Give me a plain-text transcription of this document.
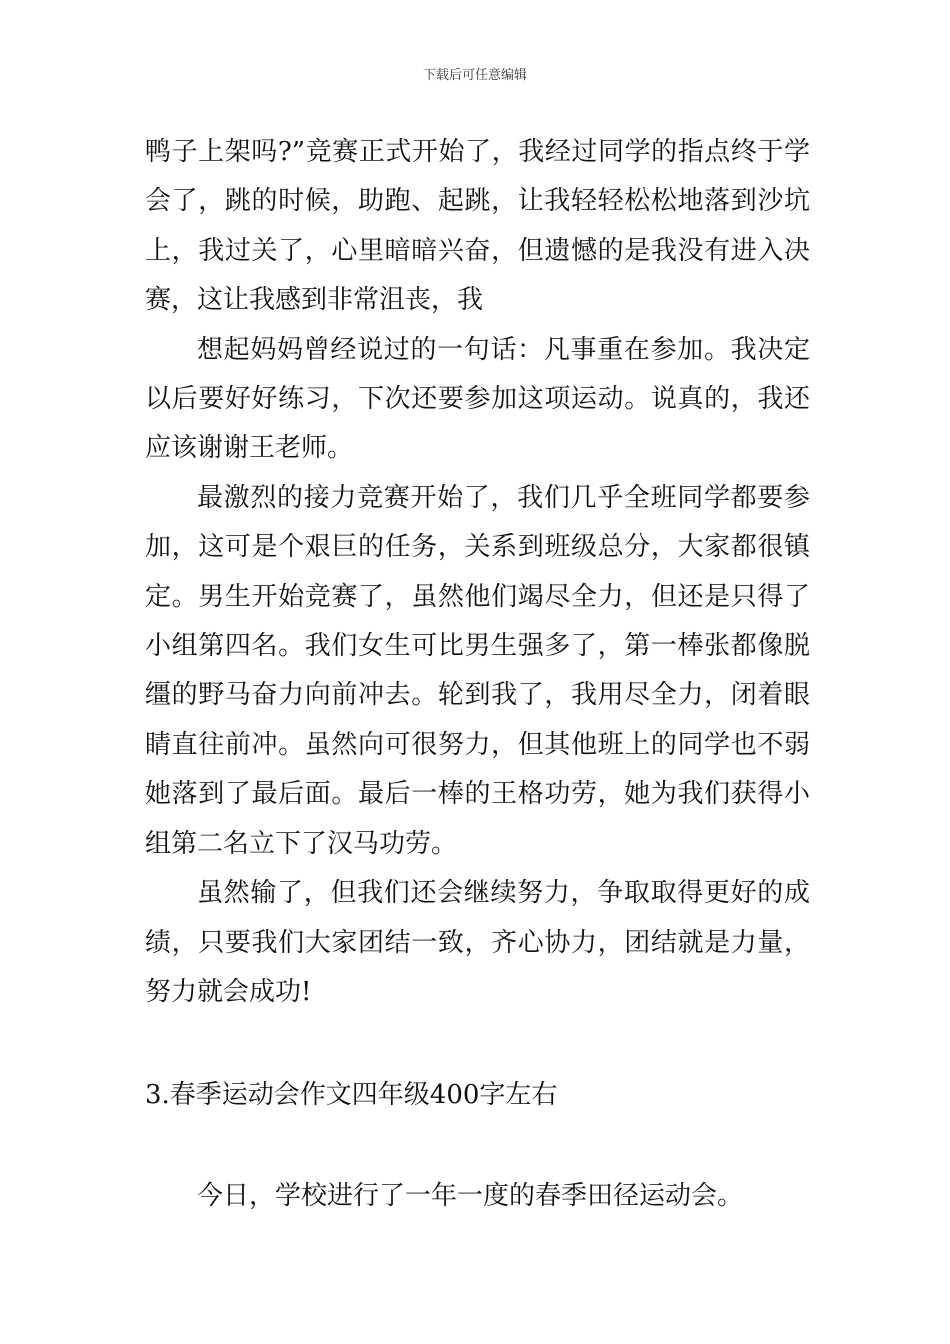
下载后可任意编辑

鸭子上架吗?”竞赛正式开始了，我经过同学的指点终于学会了，跳的时候，助跑、起跳，让我轻轻松松地落到沙坑上，我过关了，心里暗暗兴奋，但遗憾的是我没有进入决赛，这让我感到非常沮丧，我

想起妈妈曾经说过的一句话：凡事重在参加。我决定以后要好好练习，下次还要参加这项运动。说真的，我还应该谢谢王老师。

最激烈的接力竞赛开始了，我们几乎全班同学都要参加，这可是个艰巨的任务，关系到班级总分，大家都很镇定。男生开始竞赛了，虽然他们竭尽全力，但还是只得了小组第四名。我们女生可比男生强多了，第一棒张都像脱缰的野马奋力向前冲去。轮到我了，我用尽全力，闭着眼睛直往前冲。虽然向可很努力，但其他班上的同学也不弱她落到了最后面。最后一棒的王格功劳，她为我们获得小组第二名立下了汉马功劳。

虽然输了，但我们还会继续努力，争取取得更好的成绩，只要我们大家团结一致，齐心协力，团结就是力量，努力就会成功!

3.春季运动会作文四年级400字左右

今日，学校进行了一年一度的春季田径运动会。
